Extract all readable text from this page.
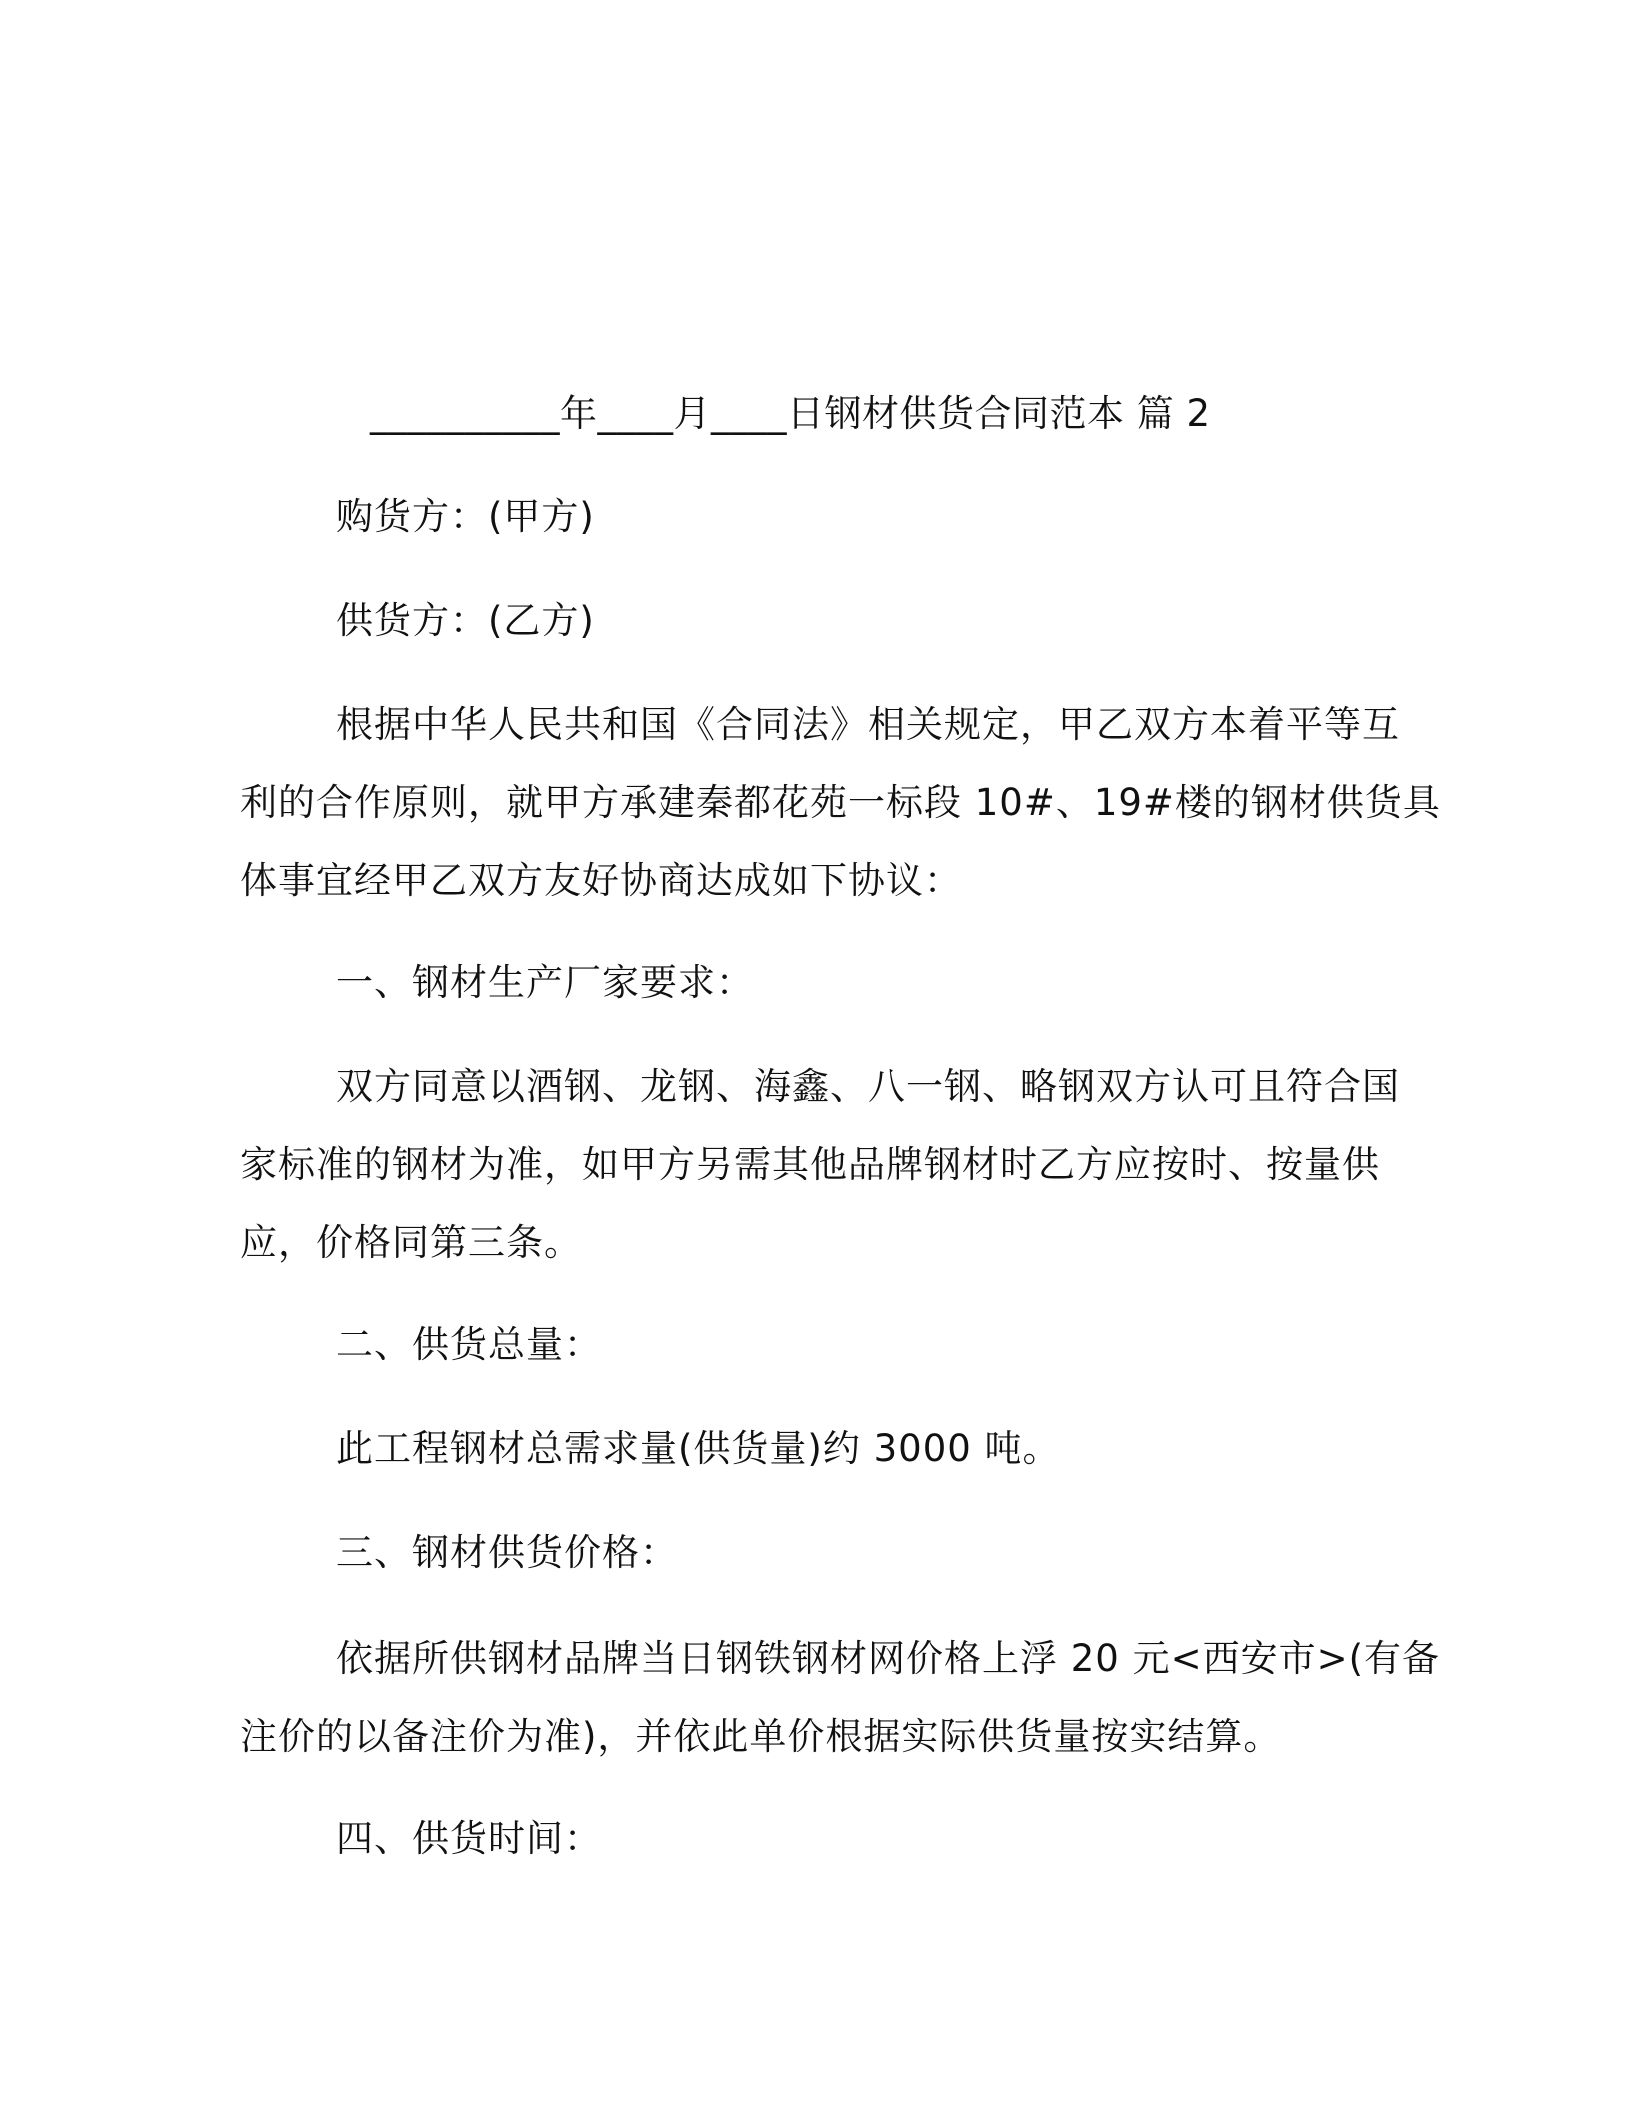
__________年____月____日钢材供货合同范本 篇 2
购货方：(甲方)
供货方：(乙方)
根据中华人民共和国《合同法》相关规定，甲乙双方本着平等互
利的合作原则，就甲方承建秦都花苑一标段 10#、19#楼的钢材供货具
体事宜经甲乙双方友好协商达成如下协议：
一、钢材生产厂家要求：
双方同意以酒钢、龙钢、海鑫、八一钢、略钢双方认可且符合国
家标准的钢材为准，如甲方另需其他品牌钢材时乙方应按时、按量供
应，价格同第三条。
二、供货总量：
此工程钢材总需求量(供货量)约 3000 吨。
三、钢材供货价格：
依据所供钢材品牌当日钢铁钢材网价格上浮 20 元<西安市>(有备
注价的以备注价为准)，并依此单价根据实际供货量按实结算。
四、供货时间：
